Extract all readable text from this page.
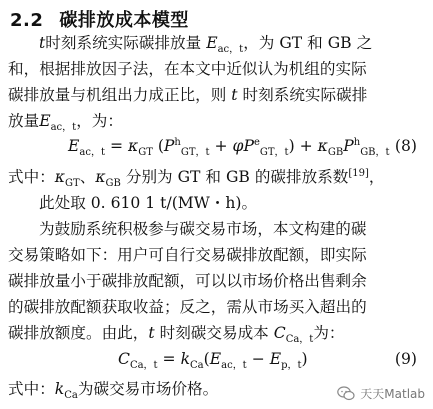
2.2 碳排放成本模型
t时刻系统实际碳排放量 $E_{ac,t}$，为 GT 和 GB 之
和，根据排放因子法，在本文中近似认为机组的实际
碳排放量与机组出力成正比，则 t 时刻系统实际碳排
放量$E_{ac,t}$，为：
$E_{ac,t} = \kappa_{GT}$ $(P^h_{GT,t} + \varphi P^e_{GT,t}) + \kappa_{GB}P^h_{GB,t}$ (8)
式中：$\kappa_{GT}$、$\kappa_{GB}$ 分别为 GT 和 GB 的碳排放系数[19]，
此处取 0. 610 1 t/(MW・h)。
为鼓励系统积极参与碳交易市场，本文构建的碳
交易策略如下：用户可自行交易碳排放配额，即实际
碳排放量小于碳排放配额，可以以市场价格出售剩余
的碳排放配额获取收益；反之，需从市场买入超出的
碳排放额度。由此，t 时刻碳交易成本 $C_{Ca,t}$为：
$C_{Ca,t} = k_{Ca}(E_{ac,t} - E_{p,t})$	(9)
式中：$k_{Ca}$为碳交易市场价格。	天天Matlab
